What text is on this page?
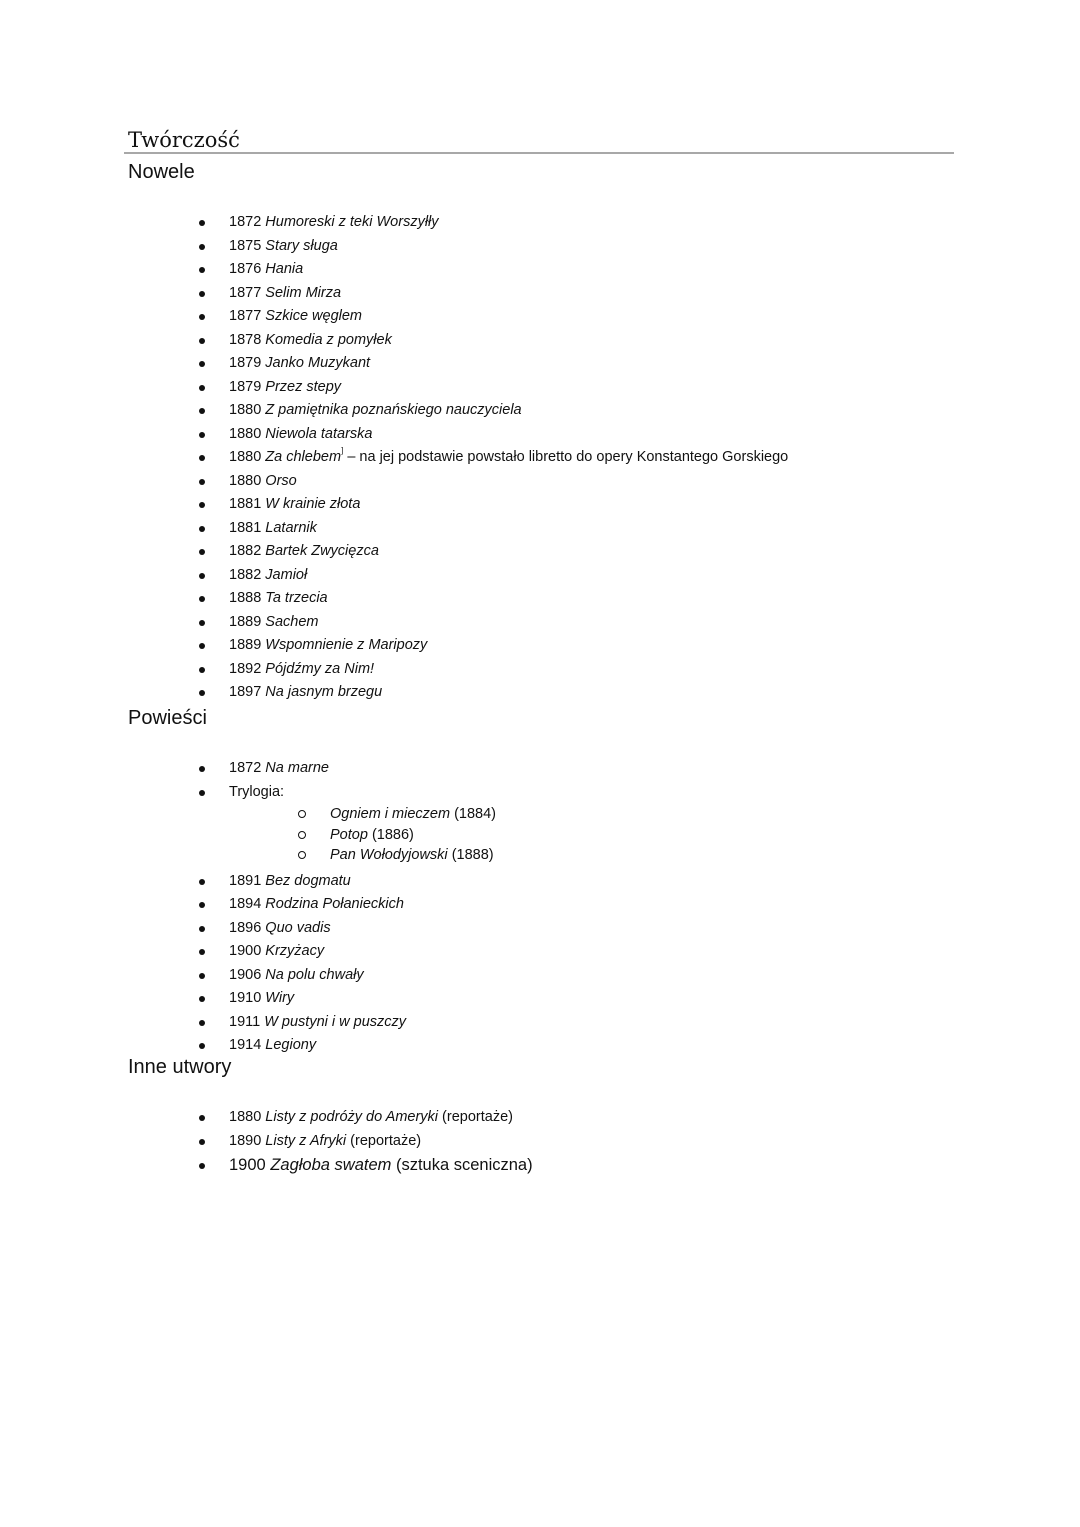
Twórczość
Nowele
1872 Humoreski z teki Worszyłły
1875 Stary sługa
1876 Hania
1877 Selim Mirza
1877 Szkice węglem
1878 Komedia z pomyłek
1879 Janko Muzykant
1879 Przez stepy
1880 Z pamiętnika poznańskiego nauczyciela
1880 Niewola tatarska
1880 Za chlebem] – na jej podstawie powstało libretto do opery Konstantego Gorskiego
1880 Orso
1881 W krainie złota
1881 Latarnik
1882 Bartek Zwycięzca
1882 Jamioł
1888 Ta trzecia
1889 Sachem
1889 Wspomnienie z Maripozy
1892 Pójdźmy za Nim!
1897 Na jasnym brzegu
Powieści
1872 Na marne
Trylogia:
Ogniem i mieczem (1884)
Potop (1886)
Pan Wołodyjowski (1888)
1891 Bez dogmatu
1894 Rodzina Połanieckich
1896 Quo vadis
1900 Krzyżacy
1906 Na polu chwały
1910 Wiry
1911 W pustyni i w puszczy
1914 Legiony
Inne utwory
1880 Listy z podróży do Ameryki (reportaże)
1890 Listy z Afryki (reportaże)
1900 Zagłoba swatem (sztuka sceniczna)
